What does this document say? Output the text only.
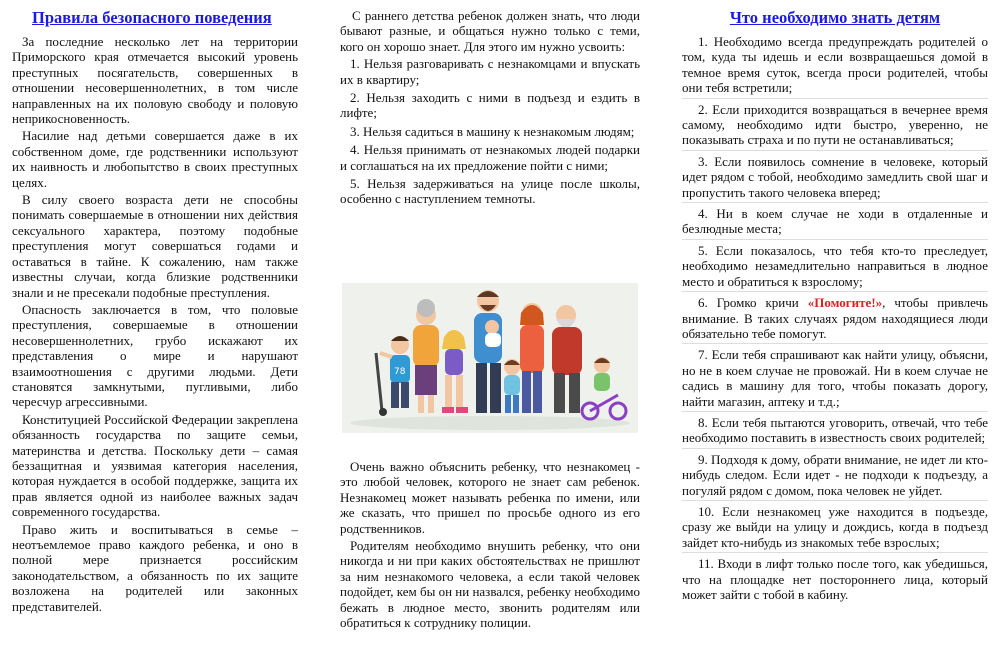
Правила безопасного поведения

За последние несколько лет на территории Приморского края отмечается высокий уровень преступных посягательств, совершенных в отношении несовершеннолетних, в том числе направленных на их половую свободу и половую неприкосновенность.

Насилие над детьми совершается даже в их собственном доме, где родственники используют их наивность и любопытство в своих преступных целях.

В силу своего возраста дети не способны понимать совершаемые в отношении них действия сексуального характера, поэтому подобные преступления могут совершаться годами и оставаться в тайне. К сожалению, нам также известны случаи, когда близкие родственники знали и не пресекали подобные преступления.

Опасность заключается в том, что половые преступления, совершаемые в отношении несовершеннолетних, грубо искажают их представления о мире и нарушают взаимоотношения с другими людьми. Дети становятся замкнутыми, пугливыми, либо чересчур агрессивными.

Конституцией Российской Федерации закреплена обязанность государства по защите семьи, материнства и детства. Поскольку дети – самая беззащитная и уязвимая категория населения, которая нуждается в особой поддержке, защита их прав является одной из наиболее важных задач современного государства.

Право жить и воспитываться в семье – неотъемлемое право каждого ребенка, и оно в полной мере признается российским законодательством, а обязанность по их защите возложена на родителей или законных представителей.

С раннего детства ребенок должен знать, что люди бывают разные, и общаться нужно только с теми, кого он хорошо знает. Для этого им нужно усвоить:

1. Нельзя разговаривать с незнакомцами и впускать их в квартиру;
2. Нельзя заходить с ними в подъезд и ездить в лифте;
3. Нельзя садиться в машину к незнакомым людям;
4. Нельзя принимать от незнакомых людей подарки и соглашаться на их предложение пойти с ними;
5. Нельзя задерживаться на улице после школы, особенно с наступлением темноты.
78

Очень важно объяснить ребенку, что незнакомец - это любой человек, которого не знает сам ребенок. Незнакомец может называть ребенка по имени, или же сказать, что пришел по просьбе одного из его родственников.

Родителям необходимо внушить ребенку, что они никогда и ни при каких обстоятельствах не пришлют за ним незнакомого человека, а если такой человек подойдет, кем бы он ни назвался, ребенку необходимо бежать в людное место, звонить родителям или обратиться к сотруднику полиции.

Что необходимо знать детям
1. Необходимо всегда предупреждать родителей о том, куда ты идешь и если возвращаешься домой в темное время суток, всегда проси родителей, чтобы они тебя встретили;
2. Если приходится возвращаться в вечернее время самому, необходимо идти быстро, уверенно, не показывать страха и по пути не останавливаться;
3. Если появилось сомнение в человеке, который идет рядом с тобой, необходимо замедлить свой шаг и пропустить такого человека вперед;
4. Ни в коем случае не ходи в отдаленные и безлюдные места;
5. Если показалось, что тебя кто-то преследует, необходимо незамедлительно направиться в людное место и обратиться к взрослому;
6. Громко кричи «Помогите!», чтобы привлечь внимание. В таких случаях рядом находящиеся люди обязательно тебе помогут.
7. Если тебя спрашивают как найти улицу, объясни, но не в коем случае не провожай. Ни в коем случае не садись в машину для того, чтобы показать дорогу, найти магазин, аптеку и т.д.;
8. Если тебя пытаются уговорить, отвечай, что тебе необходимо поставить в известность своих родителей;
9. Подходя к дому, обрати внимание, не идет ли кто-нибудь следом. Если идет - не подходи к подъезду, а погуляй рядом с домом, пока человек не уйдет.
10. Если незнакомец уже находится в подъезде, сразу же выйди на улицу и дождись, когда в подъезд зайдет кто-нибудь из знакомых тебе взрослых;
11. Входи в лифт только после того, как убедишься, что на площадке нет постороннего лица, который может зайти с тобой в кабину.
